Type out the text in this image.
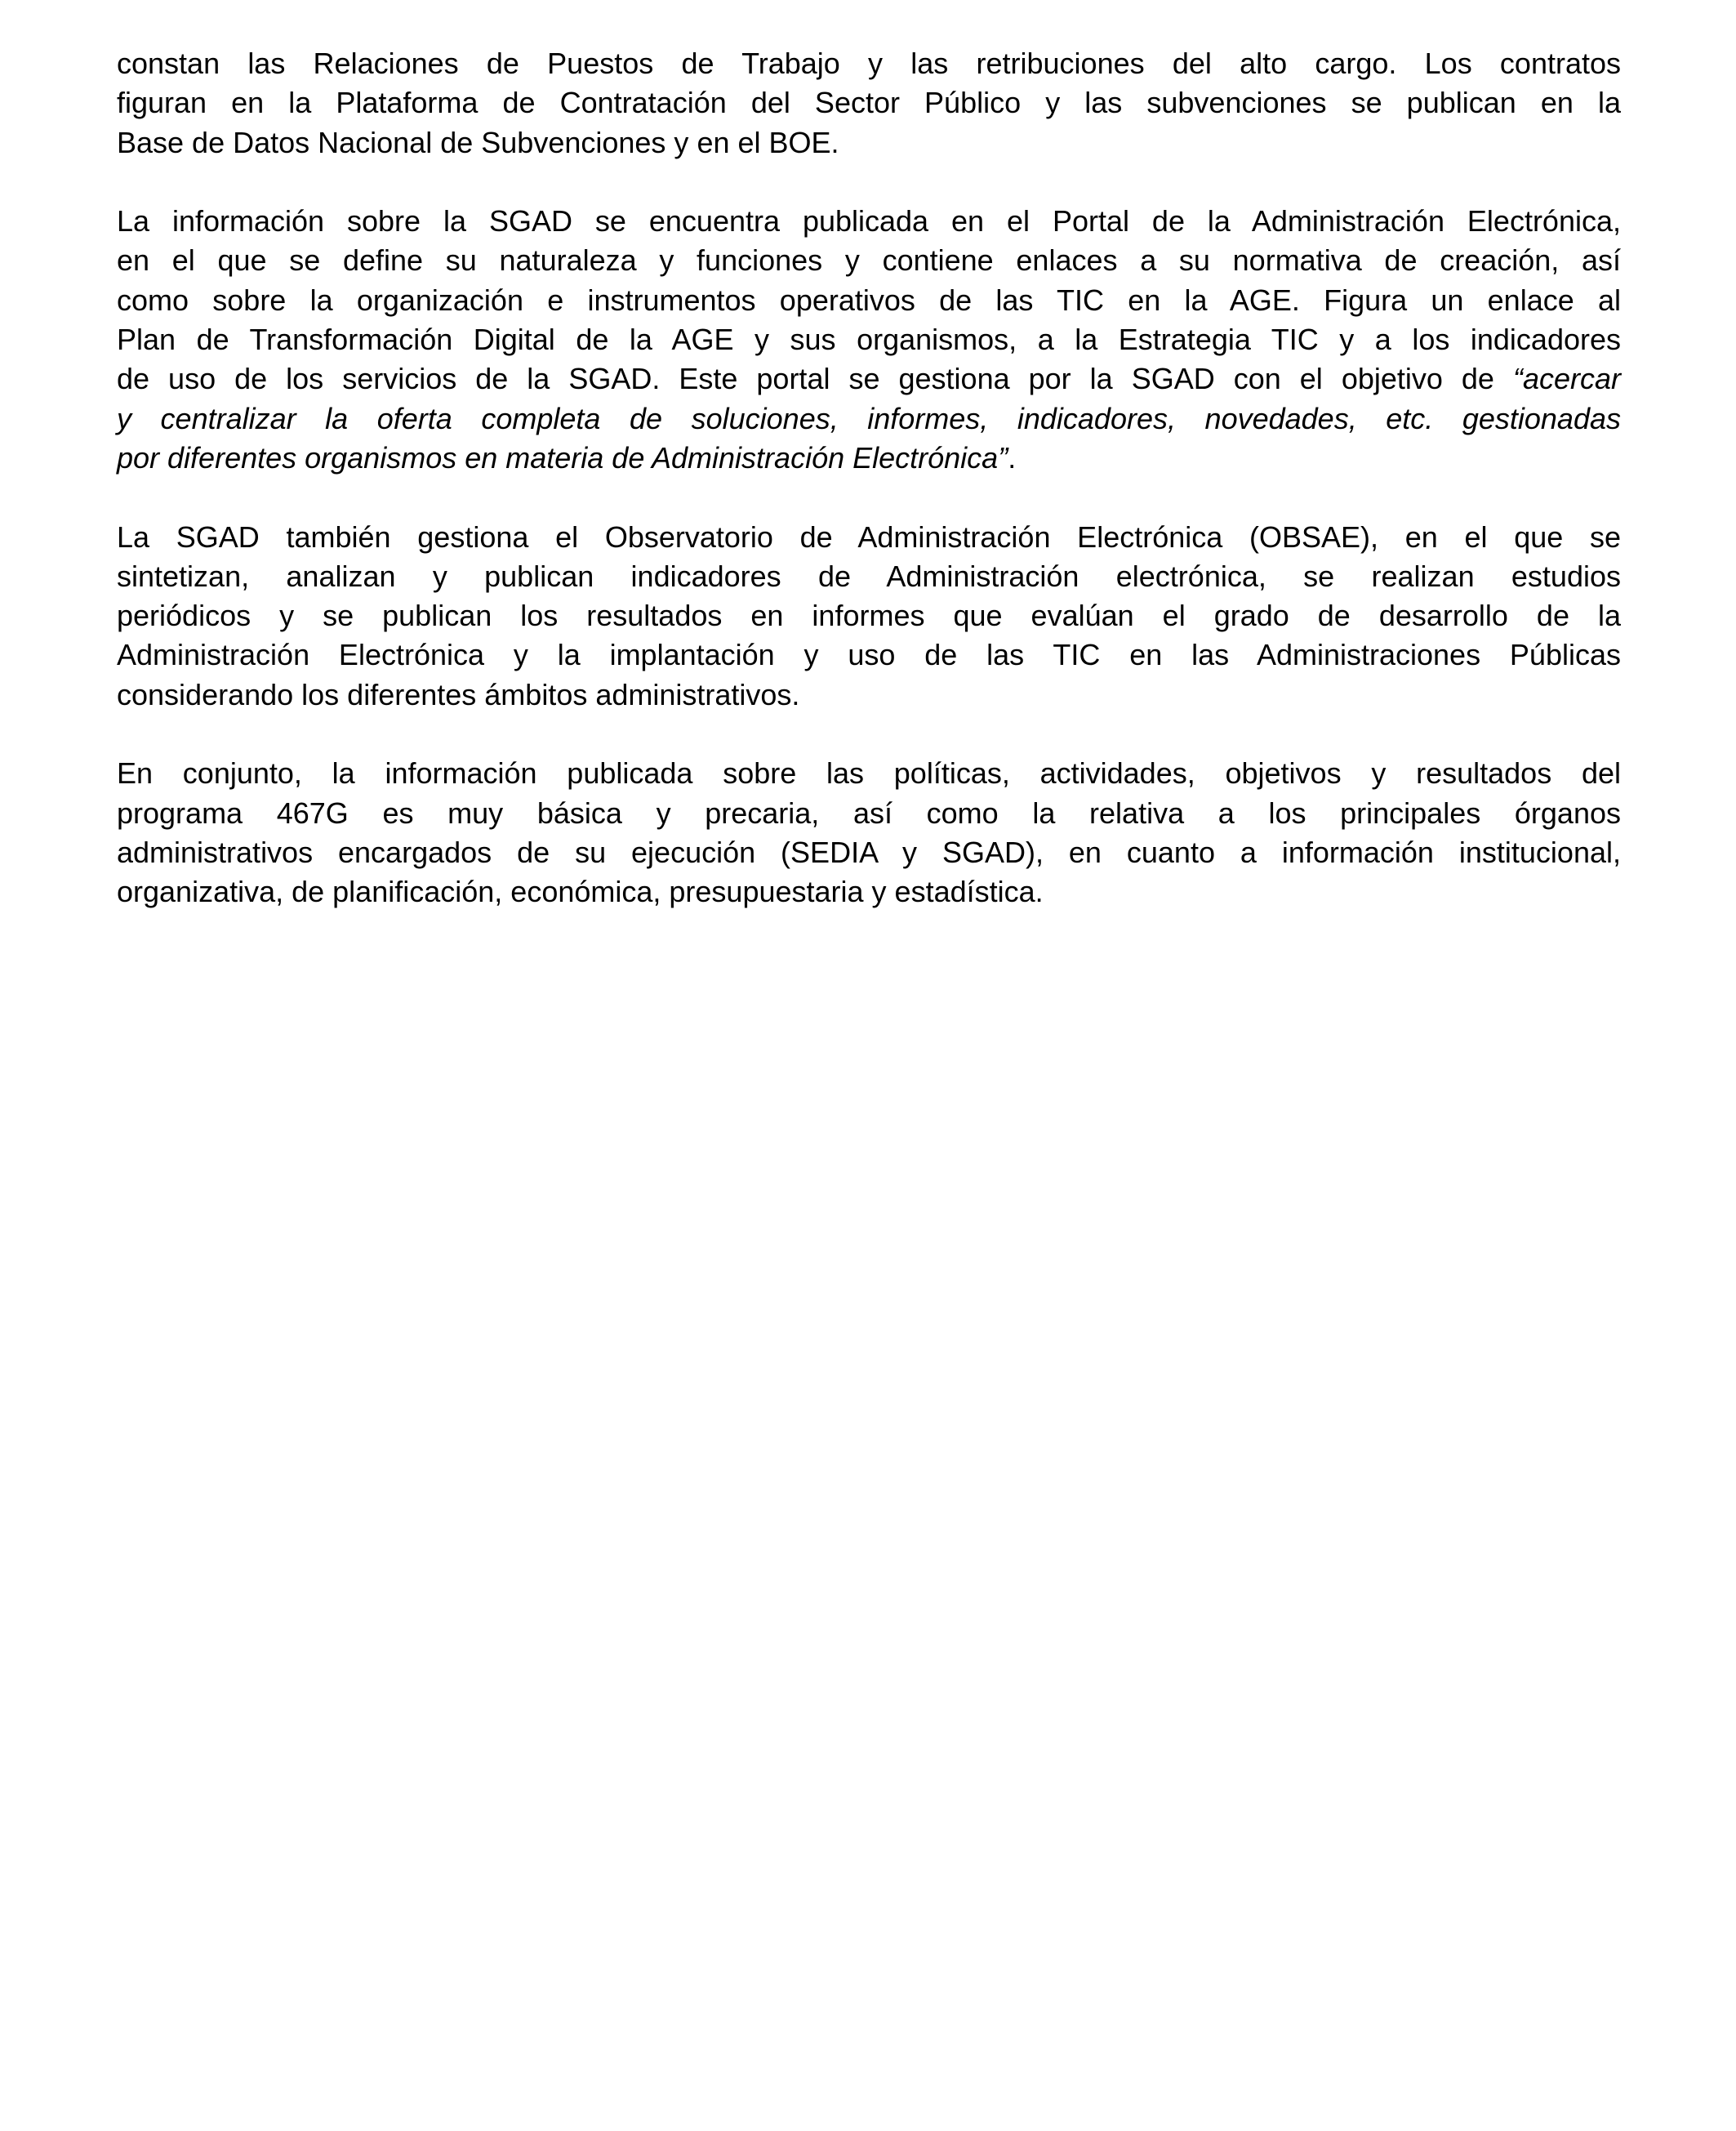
constan las Relaciones de Puestos de Trabajo y las retribuciones del alto cargo. Los contratos
figuran en la Plataforma de Contratación del Sector Público y las subvenciones se publican en la
Base de Datos Nacional de Subvenciones y en el BOE.
La información sobre la SGAD se encuentra publicada en el Portal de la Administración Electrónica,
en el que se define su naturaleza y funciones y contiene enlaces a su normativa de creación, así
como sobre la organización e instrumentos operativos de las TIC en la AGE. Figura un enlace al
Plan de Transformación Digital de la AGE y sus organismos, a la Estrategia TIC y a los indicadores
de uso de los servicios de la SGAD. Este portal se gestiona por la SGAD con el objetivo de “acercar
y centralizar la oferta completa de soluciones, informes, indicadores, novedades, etc. gestionadas
por diferentes organismos en materia de Administración Electrónica”.
La SGAD también gestiona el Observatorio de Administración Electrónica (OBSAE), en el que se
sintetizan, analizan y publican indicadores de Administración electrónica, se realizan estudios
periódicos y se publican los resultados en informes que evalúan el grado de desarrollo de la
Administración Electrónica y la implantación y uso de las TIC en las Administraciones Públicas
considerando los diferentes ámbitos administrativos.
En conjunto, la información publicada sobre las políticas, actividades, objetivos y resultados del
programa 467G es muy básica y precaria, así como la relativa a los principales órganos
administrativos encargados de su ejecución (SEDIA y SGAD), en cuanto a información institucional,
organizativa, de planificación, económica, presupuestaria y estadística.
